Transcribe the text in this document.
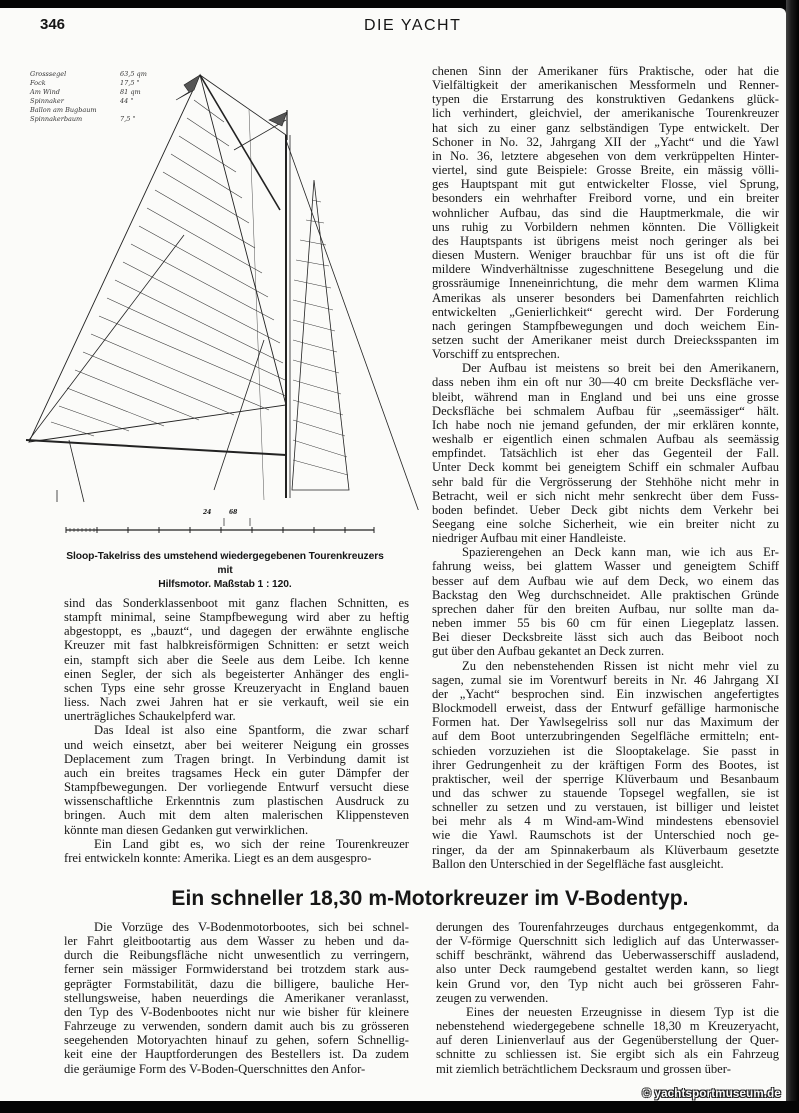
346	DIE YACHT
Grosssegel	63,5 qm
Fock	17,5 "
Am Wind	81 qm
Spinnaker	44 "
Ballon am Bugbaum
Spinnakerbaum	7,5 "
24	68
Sloop-Takelriss des umstehend wiedergegebenen Tourenkreuzers mit
Hilfsmotor. Maßstab 1 : 120.

chenen Sinn der Amerikaner fürs Praktische, oder hat die
Vielfältigkeit der amerikanischen Messformeln und Renner-
typen die Erstarrung des konstruktiven Gedankens glück-
lich verhindert, gleichviel, der amerikanische Tourenkreuzer
hat sich zu einer ganz selbständigen Type entwickelt. Der
Schoner in No. 32, Jahrgang XII der „Yacht“ und die Yawl
in No. 36, letztere abgesehen von dem verkrüppelten Hinter-
viertel, sind gute Beispiele: Grosse Breite, ein mässig völli-
ges Hauptspant mit gut entwickelter Flosse, viel Sprung,
besonders ein wehrhafter Freibord vorne, und ein breiter
wohnlicher Aufbau, das sind die Hauptmerkmale, die wir
uns ruhig zu Vorbildern nehmen könnten. Die Völligkeit
des Hauptspants ist übrigens meist noch geringer als bei
diesen Mustern. Weniger brauchbar für uns ist oft die für
mildere Windverhältnisse zugeschnittene Besegelung und die
grossräumige Inneneinrichtung, die mehr dem warmen Klima
Amerikas als unserer besonders bei Damenfahrten reichlich
entwickelten „Genierlichkeit“ gerecht wird. Der Forderung
nach geringen Stampfbewegungen und doch weichem Ein-
setzen sucht der Amerikaner meist durch Dreiecksspanten im
Vorschiff zu entsprechen.

Der Aufbau ist meistens so breit bei den Amerikanern,
dass neben ihm ein oft nur 30—40 cm breite Decksfläche ver-
bleibt, während man in England und bei uns eine grosse
Decksfläche bei schmalem Aufbau für „seemässiger“ hält.
Ich habe noch nie jemand gefunden, der mir erklären konnte,
weshalb er eigentlich einen schmalen Aufbau als seemässig
empfindet. Tatsächlich ist eher das Gegenteil der Fall.
Unter Deck kommt bei geneigtem Schiff ein schmaler Aufbau
sehr bald für die Vergrösserung der Stehhöhe nicht mehr in
Betracht, weil er sich nicht mehr senkrecht über dem Fuss-
boden befindet. Ueber Deck gibt nichts dem Verkehr bei
Seegang eine solche Sicherheit, wie ein breiter nicht zu
niedriger Aufbau mit einer Handleiste.

Spazierengehen an Deck kann man, wie ich aus Er-
fahrung weiss, bei glattem Wasser und geneigtem Schiff
besser auf dem Aufbau wie auf dem Deck, wo einem das
Backstag den Weg durchschneidet. Alle praktischen Gründe
sprechen daher für den breiten Aufbau, nur sollte man da-
neben immer 55 bis 60 cm für einen Liegeplatz lassen.
Bei dieser Decksbreite lässt sich auch das Beiboot noch
gut über den Aufbau gekantet an Deck zurren.

Zu den nebenstehenden Rissen ist nicht mehr viel zu
sagen, zumal sie im Vorentwurf bereits in Nr. 46 Jahrgang XI
der „Yacht“ besprochen sind. Ein inzwischen angefertigtes
Blockmodell erweist, dass der Entwurf gefällige harmonische
Formen hat. Der Yawlsegelriss soll nur das Maximum der
auf dem Boot unterzubringenden Segelfläche ermitteln; ent-
schieden vorzuziehen ist die Slooptakelage. Sie passt in
ihrer Gedrungenheit zu der kräftigen Form des Bootes, ist
praktischer, weil der sperrige Klüverbaum und Besanbaum
und das schwer zu stauende Topsegel wegfallen, sie ist
schneller zu setzen und zu verstauen, ist billiger und leistet
bei mehr als 4 m Wind-am-Wind mindestens ebensoviel
wie die Yawl. Raumschots ist der Unterschied noch ge-
ringer, da der am Spinnakerbaum als Klüverbaum gesetzte
Ballon den Unterschied in der Segelfläche fast ausgleicht.

sind das Sonderklassenboot mit ganz flachen Schnitten, es
stampft minimal, seine Stampfbewegung wird aber zu heftig
abgestoppt, es „bauzt“, und dagegen der erwähnte englische
Kreuzer mit fast halbkreisförmigen Schnitten: er setzt weich
ein, stampft sich aber die Seele aus dem Leibe. Ich kenne
einen Segler, der sich als begeisterter Anhänger des engli-
schen Typs eine sehr grosse Kreuzeryacht in England bauen
liess. Nach zwei Jahren hat er sie verkauft, weil sie ein
unerträgliches Schaukelpferd war.

Das Ideal ist also eine Spantform, die zwar scharf
und weich einsetzt, aber bei weiterer Neigung ein grosses
Deplacement zum Tragen bringt. In Verbindung damit ist
auch ein breites tragsames Heck ein guter Dämpfer der
Stampfbewegungen. Der vorliegende Entwurf versucht diese
wissenschaftliche Erkenntnis zum plastischen Ausdruck zu
bringen. Auch mit dem alten malerischen Klippensteven
könnte man diesen Gedanken gut verwirklichen.

Ein Land gibt es, wo sich der reine Tourenkreuzer
frei entwickeln konnte: Amerika. Liegt es an dem ausgespro-

Ein schneller 18,30 m-Motorkreuzer im V-Bodentyp.

Die Vorzüge des V-Bodenmotorbootes, sich bei schnel-
ler Fahrt gleitbootartig aus dem Wasser zu heben und da-
durch die Reibungsfläche nicht unwesentlich zu verringern,
ferner sein mässiger Formwiderstand bei trotzdem stark aus-
geprägter Formstabilität, dazu die billigere, bauliche Her-
stellungsweise, haben neuerdings die Amerikaner veranlasst,
den Typ des V-Bodenbootes nicht nur wie bisher für kleinere
Fahrzeuge zu verwenden, sondern damit auch bis zu grösseren
seegehenden Motoryachten hinauf zu gehen, sofern Schnellig-
keit eine der Hauptforderungen des Bestellers ist. Da zudem
die geräumige Form des V-Boden-Querschnittes den Anfor-

derungen des Tourenfahrzeuges durchaus entgegenkommt, da
der V-förmige Querschnitt sich lediglich auf das Unterwasser-
schiff beschränkt, während das Ueberwasserschiff ausladend,
also unter Deck raumgebend gestaltet werden kann, so liegt
kein Grund vor, den Typ nicht auch bei grösseren Fahr-
zeugen zu verwenden.

Eines der neuesten Erzeugnisse in diesem Typ ist die
nebenstehend wiedergegebene schnelle 18,30 m Kreuzeryacht,
auf deren Linienverlauf aus der Gegenüberstellung der Quer-
schnitte zu schliessen ist. Sie ergibt sich als ein Fahrzeug
mit ziemlich beträchtlichem Decksraum und grossen über-

© yachtsportmuseum.de
